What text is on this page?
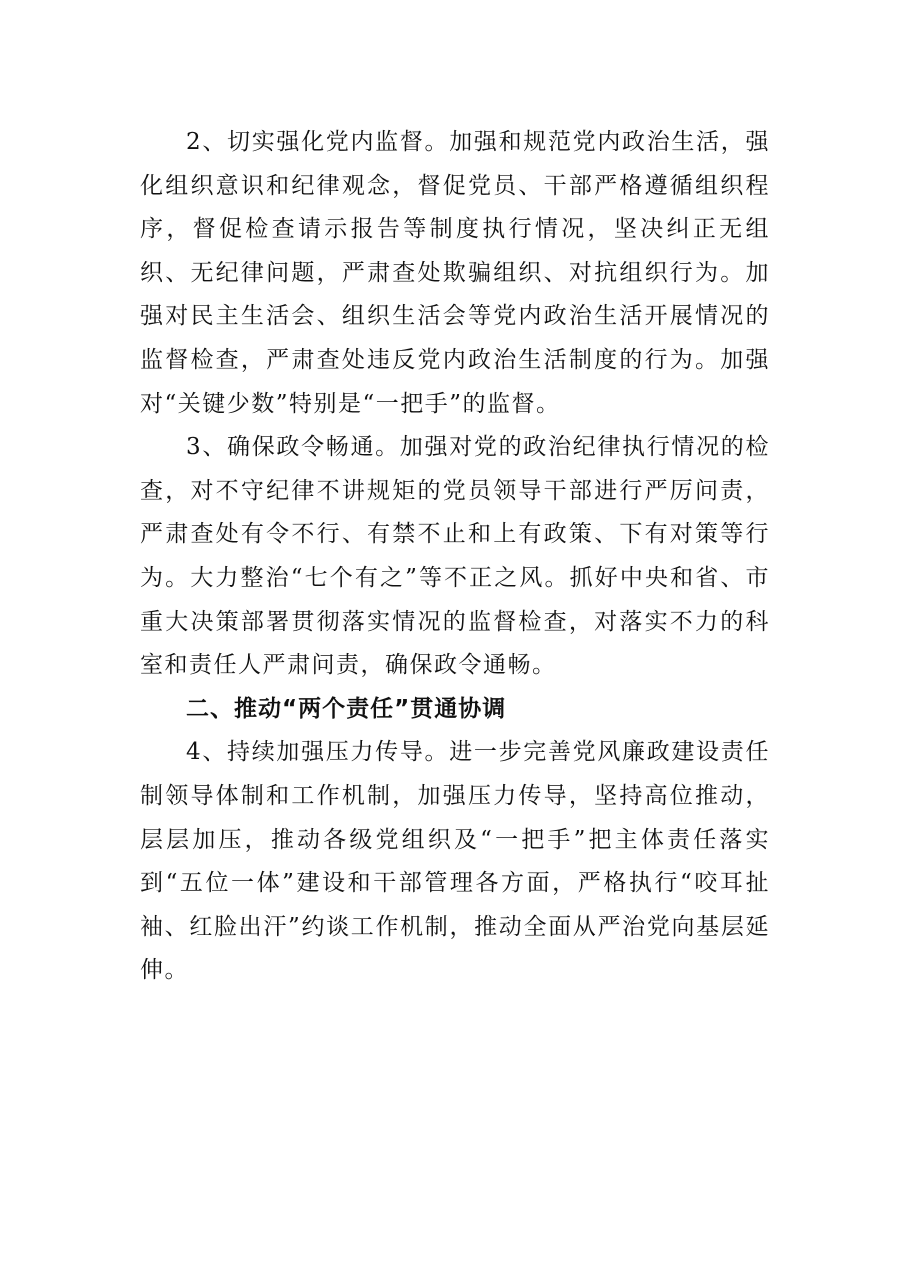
2、切实强化党内监督。加强和规范党内政治生活，强化组织意识和纪律观念，督促党员、干部严格遵循组织程序，督促检查请示报告等制度执行情况，坚决纠正无组织、无纪律问题，严肃查处欺骗组织、对抗组织行为。加强对民主生活会、组织生活会等党内政治生活开展情况的监督检查，严肃查处违反党内政治生活制度的行为。加强对“关键少数”特别是“一把手”的监督。

3、确保政令畅通。加强对党的政治纪律执行情况的检查，对不守纪律不讲规矩的党员领导干部进行严厉问责，严肃查处有令不行、有禁不止和上有政策、下有对策等行为。大力整治“七个有之”等不正之风。抓好中央和省、市重大决策部署贯彻落实情况的监督检查，对落实不力的科室和责任人严肃问责，确保政令通畅。

二、推动“两个责任”贯通协调

4、持续加强压力传导。进一步完善党风廉政建设责任制领导体制和工作机制，加强压力传导，坚持高位推动，层层加压，推动各级党组织及“一把手”把主体责任落实到“五位一体”建设和干部管理各方面，严格执行“咬耳扯袖、红脸出汗”约谈工作机制，推动全面从严治党向基层延伸。
